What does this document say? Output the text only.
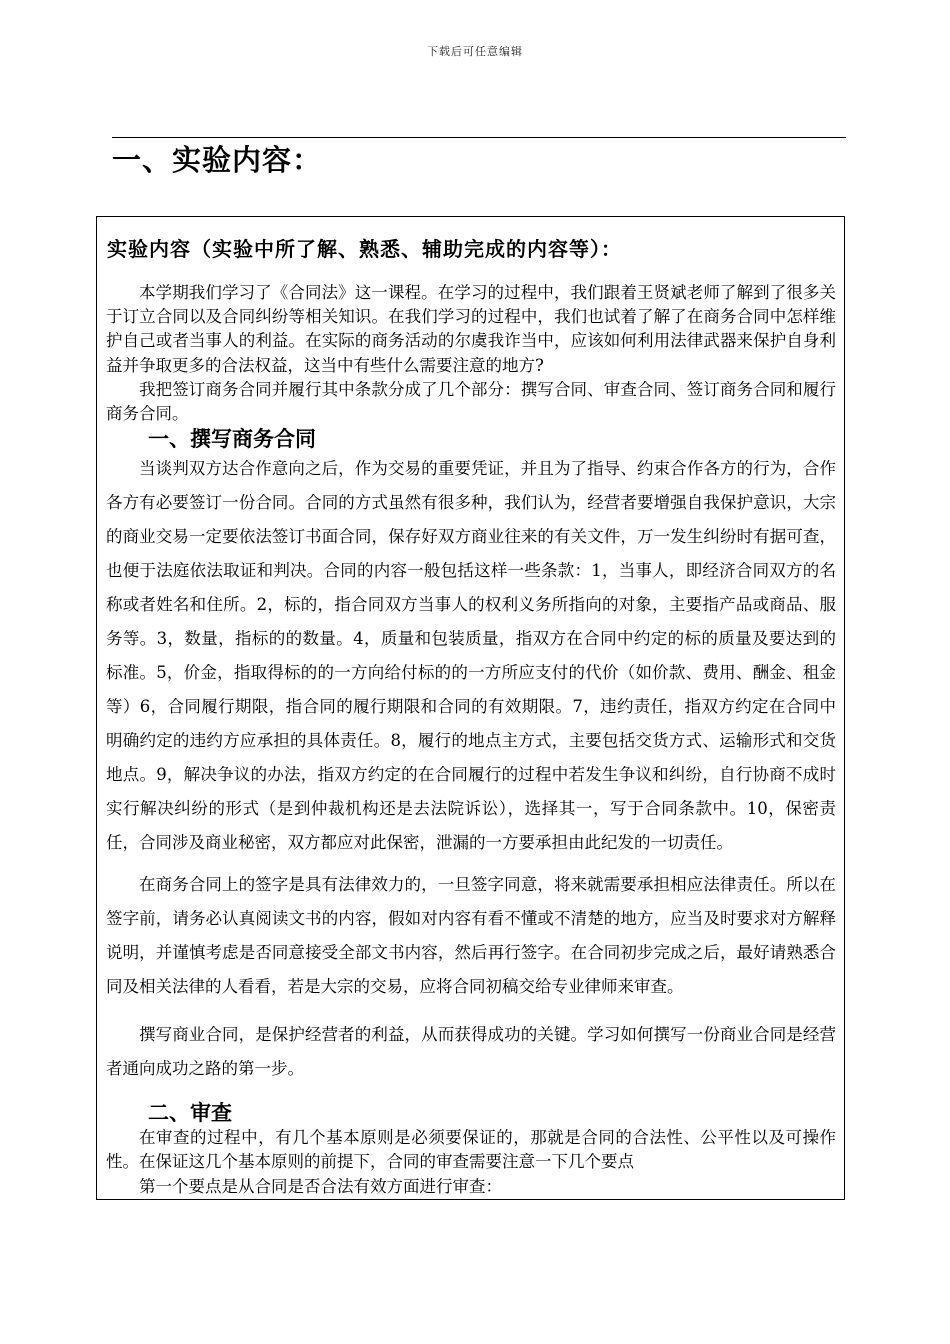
下载后可任意编辑
一、实验内容：
实验内容（实验中所了解、熟悉、辅助完成的内容等）：

本学期我们学习了《合同法》这一课程。在学习的过程中，我们跟着王贤斌老师了解到了很多关于订立合同以及合同纠纷等相关知识。在我们学习的过程中，我们也试着了解了在商务合同中怎样维护自己或者当事人的利益。在实际的商务活动的尔虞我诈当中，应该如何利用法律武器来保护自身利益并争取更多的合法权益，这当中有些什么需要注意的地方?

我把签订商务合同并履行其中条款分成了几个部分：撰写合同、审查合同、签订商务合同和履行商务合同。

一、撰写商务合同

当谈判双方达合作意向之后，作为交易的重要凭证，并且为了指导、约束合作各方的行为，合作各方有必要签订一份合同。合同的方式虽然有很多种，我们认为，经营者要增强自我保护意识，大宗的商业交易一定要依法签订书面合同，保存好双方商业往来的有关文件，万一发生纠纷时有据可查，也便于法庭依法取证和判决。合同的内容一般包括这样一些条款：1，当事人，即经济合同双方的名称或者姓名和住所。2，标的，指合同双方当事人的权利义务所指向的对象，主要指产品或商品、服务等。3，数量，指标的的数量。4，质量和包装质量，指双方在合同中约定的标的质量及要达到的标准。5，价金，指取得标的的一方向给付标的的一方所应支付的代价（如价款、费用、酬金、租金等）6，合同履行期限，指合同的履行期限和合同的有效期限。7，违约责任，指双方约定在合同中明确约定的违约方应承担的具体责任。8，履行的地点主方式，主要包括交货方式、运输形式和交货地点。9，解决争议的办法，指双方约定的在合同履行的过程中若发生争议和纠纷，自行协商不成时实行解决纠纷的形式（是到仲裁机构还是去法院诉讼），选择其一，写于合同条款中。10，保密责任，合同涉及商业秘密，双方都应对此保密，泄漏的一方要承担由此纪发的一切责任。

在商务合同上的签字是具有法律效力的，一旦签字同意，将来就需要承担相应法律责任。所以在签字前，请务必认真阅读文书的内容，假如对内容有看不懂或不清楚的地方，应当及时要求对方解释说明，并谨慎考虑是否同意接受全部文书内容，然后再行签字。在合同初步完成之后，最好请熟悉合同及相关法律的人看看，若是大宗的交易，应将合同初稿交给专业律师来审查。

撰写商业合同，是保护经营者的利益，从而获得成功的关键。学习如何撰写一份商业合同是经营者通向成功之路的第一步。

二、审查

在审查的过程中，有几个基本原则是必须要保证的，那就是合同的合法性、公平性以及可操作性。在保证这几个基本原则的前提下，合同的审查需要注意一下几个要点

第一个要点是从合同是否合法有效方面进行审查：
